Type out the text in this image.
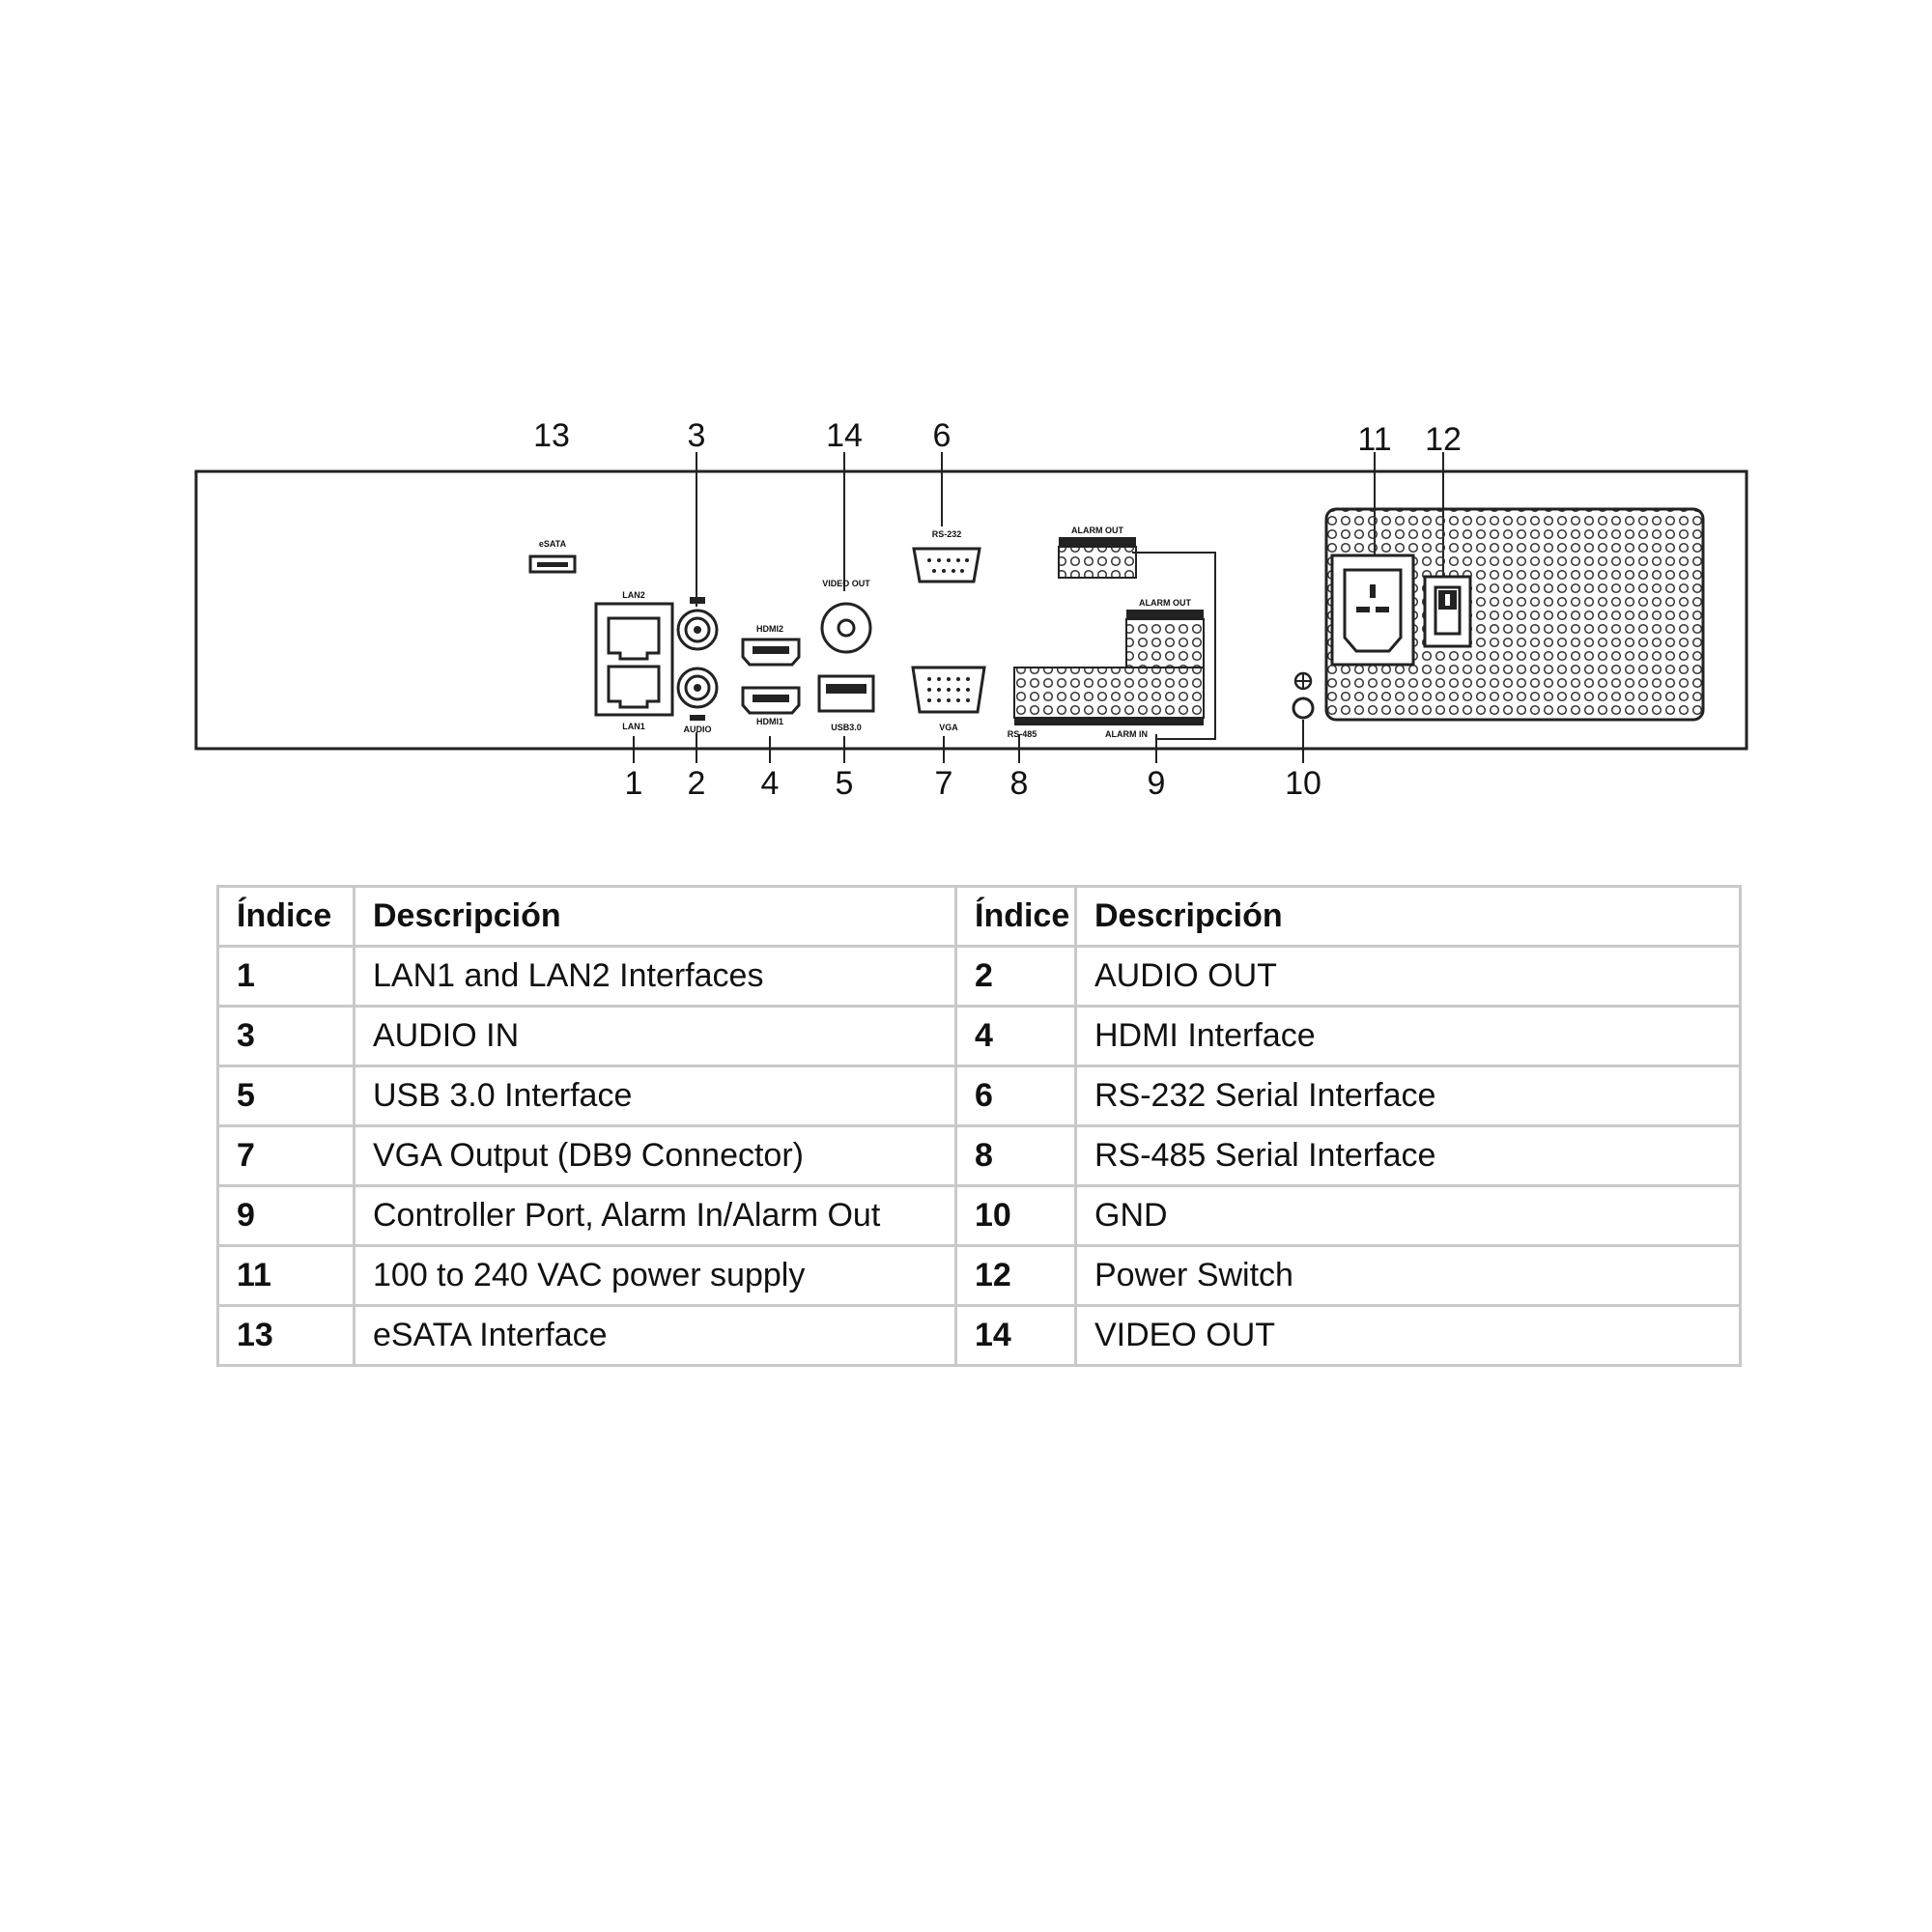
13	3	14 6	11 12
1 2 4 5 7 8	9	10
eSATA
LAN2
LAN1	AUDIO
HDMI2
HDMI1
VIDEO OUT
USB3.0
RS-232
VGA
ALARM OUT
ALARM OUT
RS-485	ALARM IN
Índice	Descripción	Índice	Descripción
1	LAN1 and LAN2 Interfaces	2	AUDIO OUT
3	AUDIO IN	4	HDMI Interface
5	USB 3.0 Interface	6	RS-232 Serial Interface
7	VGA Output (DB9 Connector)	8	RS-485 Serial Interface
9	Controller Port, Alarm In/Alarm Out	10	GND
11	100 to 240 VAC power supply	12	Power Switch
13	eSATA Interface	14	VIDEO OUT
